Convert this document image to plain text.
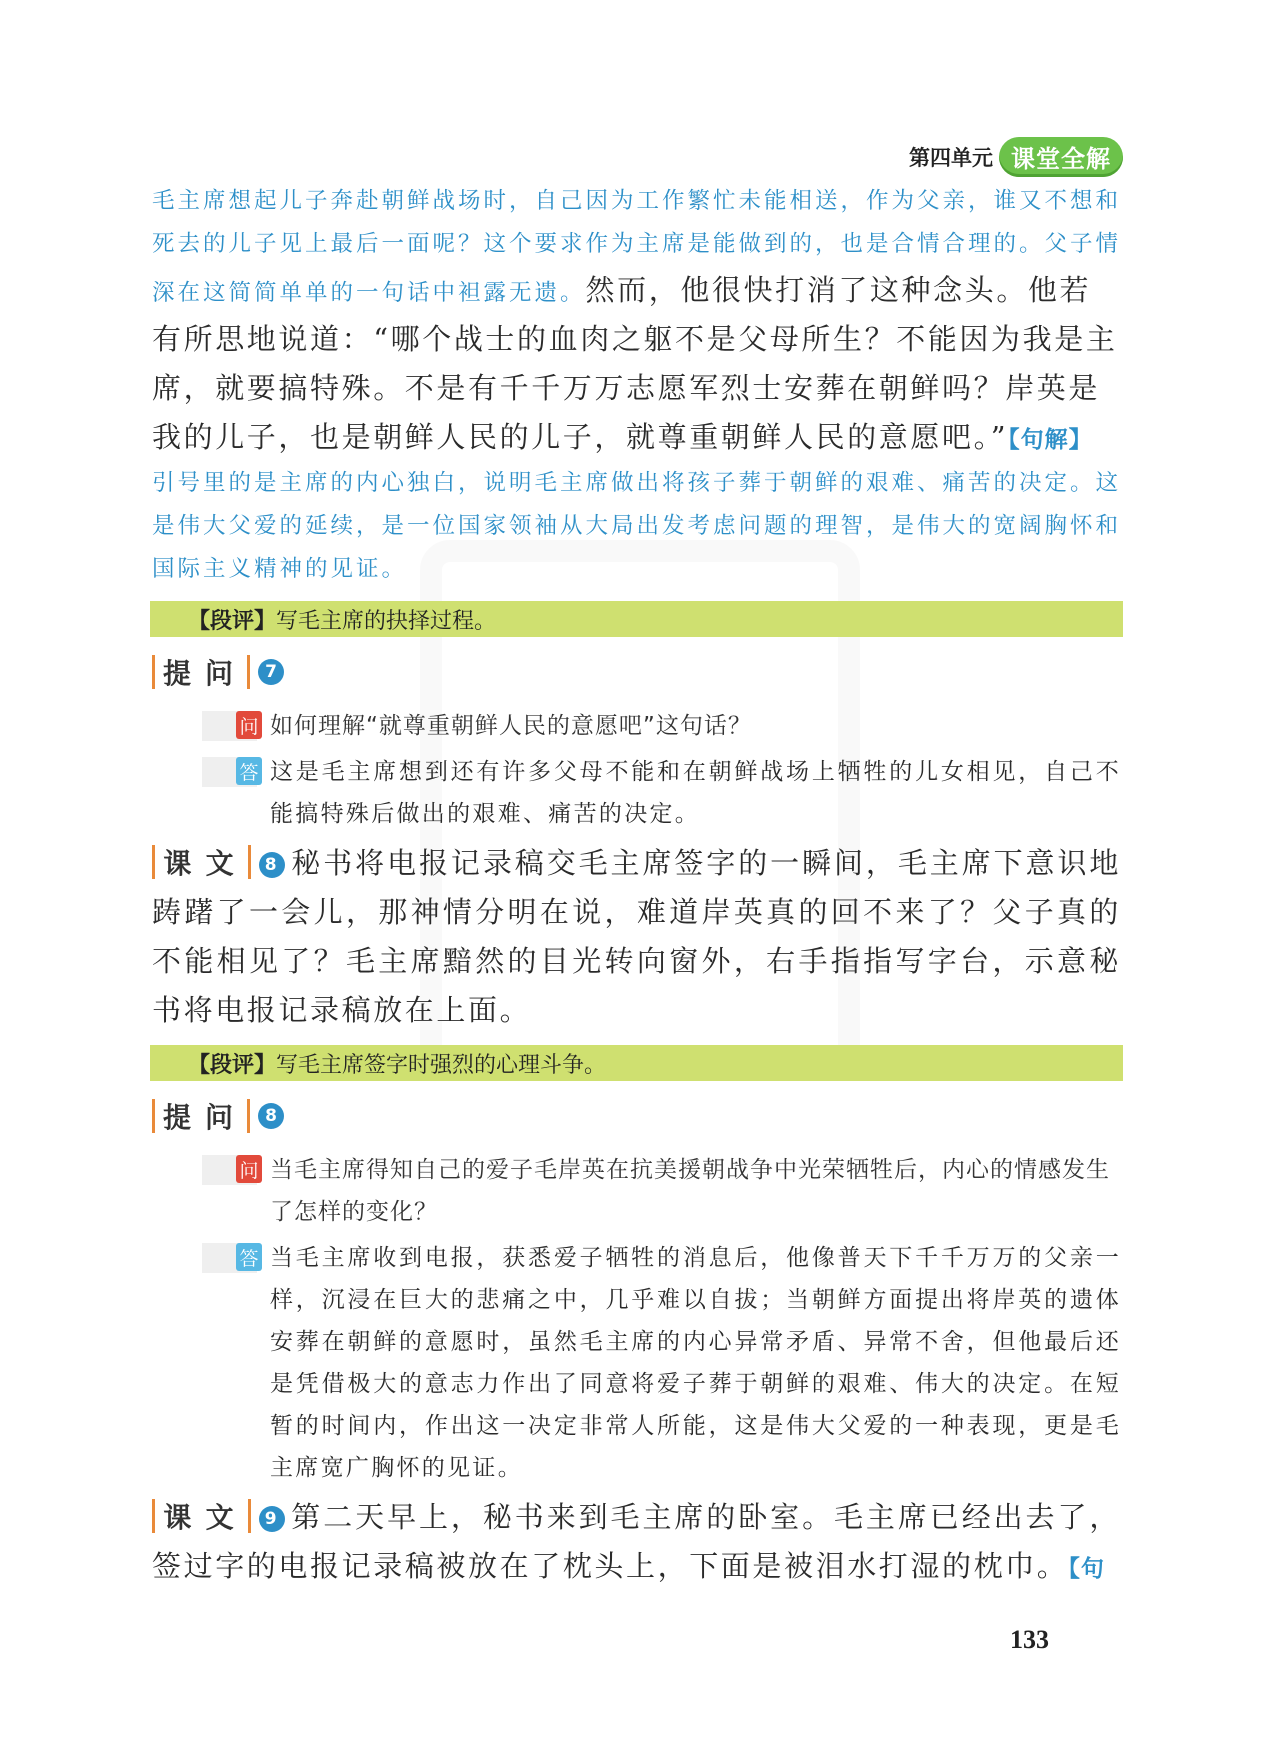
第四单元 课堂全解
毛主席想起儿子奔赴朝鲜战场时，自己因为工作繁忙未能相送，作为父亲，谁又不想和死去的儿子见上最后一面呢？这个要求作为主席是能做到的，也是合情合理的。父子情深在这简简单单的一句话中袒露无遗。然而，他很快打消了这种念头。他若有所思地说道：“哪个战士的血肉之躯不是父母所生？不能因为我是主席，就要搞特殊。不是有千千万万志愿军烈士安葬在朝鲜吗？岸英是我的儿子，也是朝鲜人民的儿子，就尊重朝鲜人民的意愿吧。”【句解】
引号里的是主席的内心独白，说明毛主席做出将孩子葬于朝鲜的艰难、痛苦的决定。这是伟大父爱的延续，是一位国家领袖从大局出发考虑问题的理智，是伟大的宽阔胸怀和国际主义精神的见证。
【段评】 写毛主席的抉择过程。
提问	7
问 如何理解“就尊重朝鲜人民的意愿吧”这句话？
答 这是毛主席想到还有许多父母不能和在朝鲜战场上牺牲的儿女相见，自己不能搞特殊后做出的艰难、痛苦的决定。
课文 8 秘书将电报记录稿交毛主席签字的一瞬间，毛主席下意识地踌躇了一会儿，那神情分明在说，难道岸英真的回不来了？父子真的不能相见了？毛主席黯然的目光转向窗外，右手指指写字台，示意秘书将电报记录稿放在上面。
【段评】 写毛主席签字时强烈的心理斗争。
提问	8
问 当毛主席得知自己的爱子毛岸英在抗美援朝战争中光荣牺牲后，内心的情感发生了怎样的变化？
答 当毛主席收到电报，获悉爱子牺牲的消息后，他像普天下千千万万的父亲一样，沉浸在巨大的悲痛之中，几乎难以自拔；当朝鲜方面提出将岸英的遗体安葬在朝鲜的意愿时，虽然毛主席的内心异常矛盾、异常不舍，但他最后还是凭借极大的意志力作出了同意将爱子葬于朝鲜的艰难、伟大的决定。在短暂的时间内，作出这一决定非常人所能，这是伟大父爱的一种表现，更是毛主席宽广胸怀的见证。
课文 9 第二天早上，秘书来到毛主席的卧室。毛主席已经出去了，签过字的电报记录稿被放在了枕头上，下面是被泪水打湿的枕巾。【句
133
